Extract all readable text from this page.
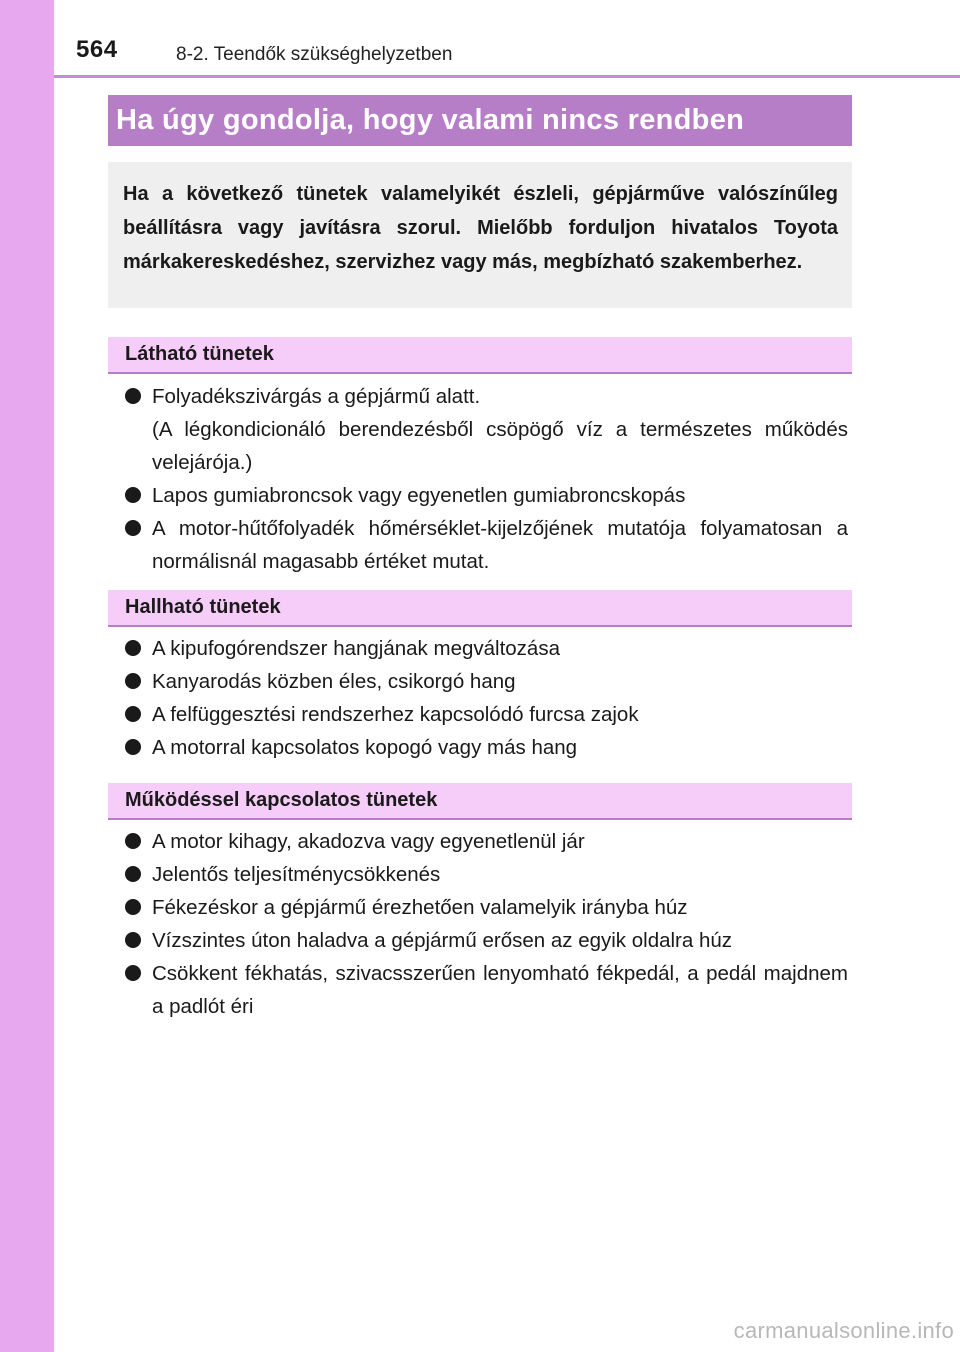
564	8-2. Teendők szükséghelyzetben
Ha úgy gondolja, hogy valami nincs rendben
Ha a következő tünetek valamelyikét észleli, gépjárműve valószínűleg beállításra vagy javításra szorul. Mielőbb forduljon hivatalos Toyota márkakereskedéshez, szervizhez vagy más, megbízható szakemberhez.
Látható tünetek
Folyadékszivárgás a gépjármű alatt.
(A légkondicionáló berendezésből csöpögő víz a természetes működés velejárója.)
Lapos gumiabroncsok vagy egyenetlen gumiabroncskopás
A motor-hűtőfolyadék hőmérséklet-kijelzőjének mutatója folyamatosan a normálisnál magasabb értéket mutat.
Hallható tünetek
A kipufogórendszer hangjának megváltozása
Kanyarodás közben éles, csikorgó hang
A felfüggesztési rendszerhez kapcsolódó furcsa zajok
A motorral kapcsolatos kopogó vagy más hang
Működéssel kapcsolatos tünetek
A motor kihagy, akadozva vagy egyenetlenül jár
Jelentős teljesítménycsökkenés
Fékezéskor a gépjármű érezhetően valamelyik irányba húz
Vízszintes úton haladva a gépjármű erősen az egyik oldalra húz
Csökkent fékhatás, szivacsszerűen lenyomható fékpedál, a pedál majdnem a padlót éri
carmanualsonline.info
